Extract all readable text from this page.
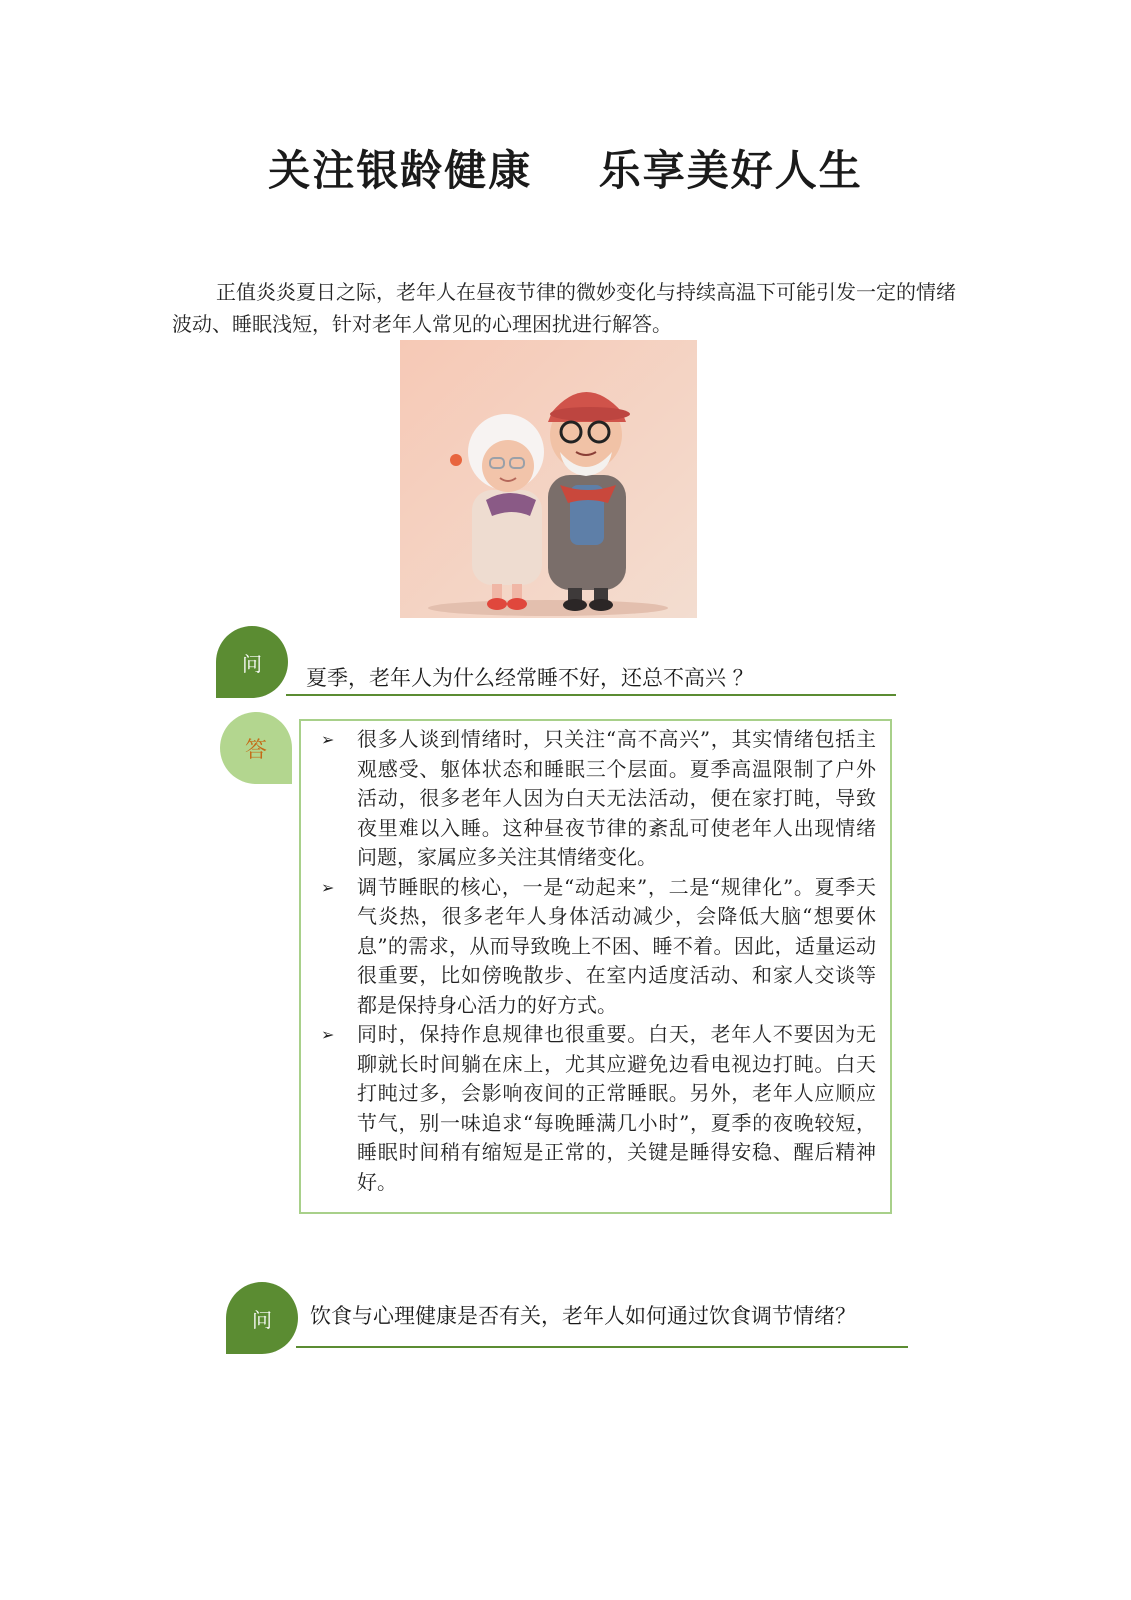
关注银龄健康    乐享美好人生

正值炎炎夏日之际，老年人在昼夜节律的微妙变化与持续高温下可能引发一定的情绪波动、睡眠浅短，针对老年人常见的心理困扰进行解答。

问
夏季，老年人为什么经常睡不好，还总不高兴 ？
答	➢ 很多人谈到情绪时，只关注“高不高兴”，其实情绪包括主观感受、躯体状态和睡眠三个层面。夏季高温限制了户外活动，很多老年人因为白天无法活动，便在家打盹，导致夜里难以入睡。这种昼夜节律的紊乱可使老年人出现情绪问题，家属应多关注其情绪变化。
➢ 调节睡眠的核心，一是“动起来”，二是“规律化”。夏季天气炎热，很多老年人身体活动减少，会降低大脑“想要休息”的需求，从而导致晚上不困、睡不着。因此，适量运动很重要，比如傍晚散步、在室内适度活动、和家人交谈等都是保持身心活力的好方式。
➢ 同时，保持作息规律也很重要。白天，老年人不要因为无聊就长时间躺在床上，尤其应避免边看电视边打盹。白天打盹过多，会影响夜间的正常睡眠。另外，老年人应顺应节气，别一味追求“每晚睡满几小时”，夏季的夜晚较短，睡眠时间稍有缩短是正常的，关键是睡得安稳、醒后精神好。
问	饮食与心理健康是否有关，老年人如何通过饮食调节情绪？
